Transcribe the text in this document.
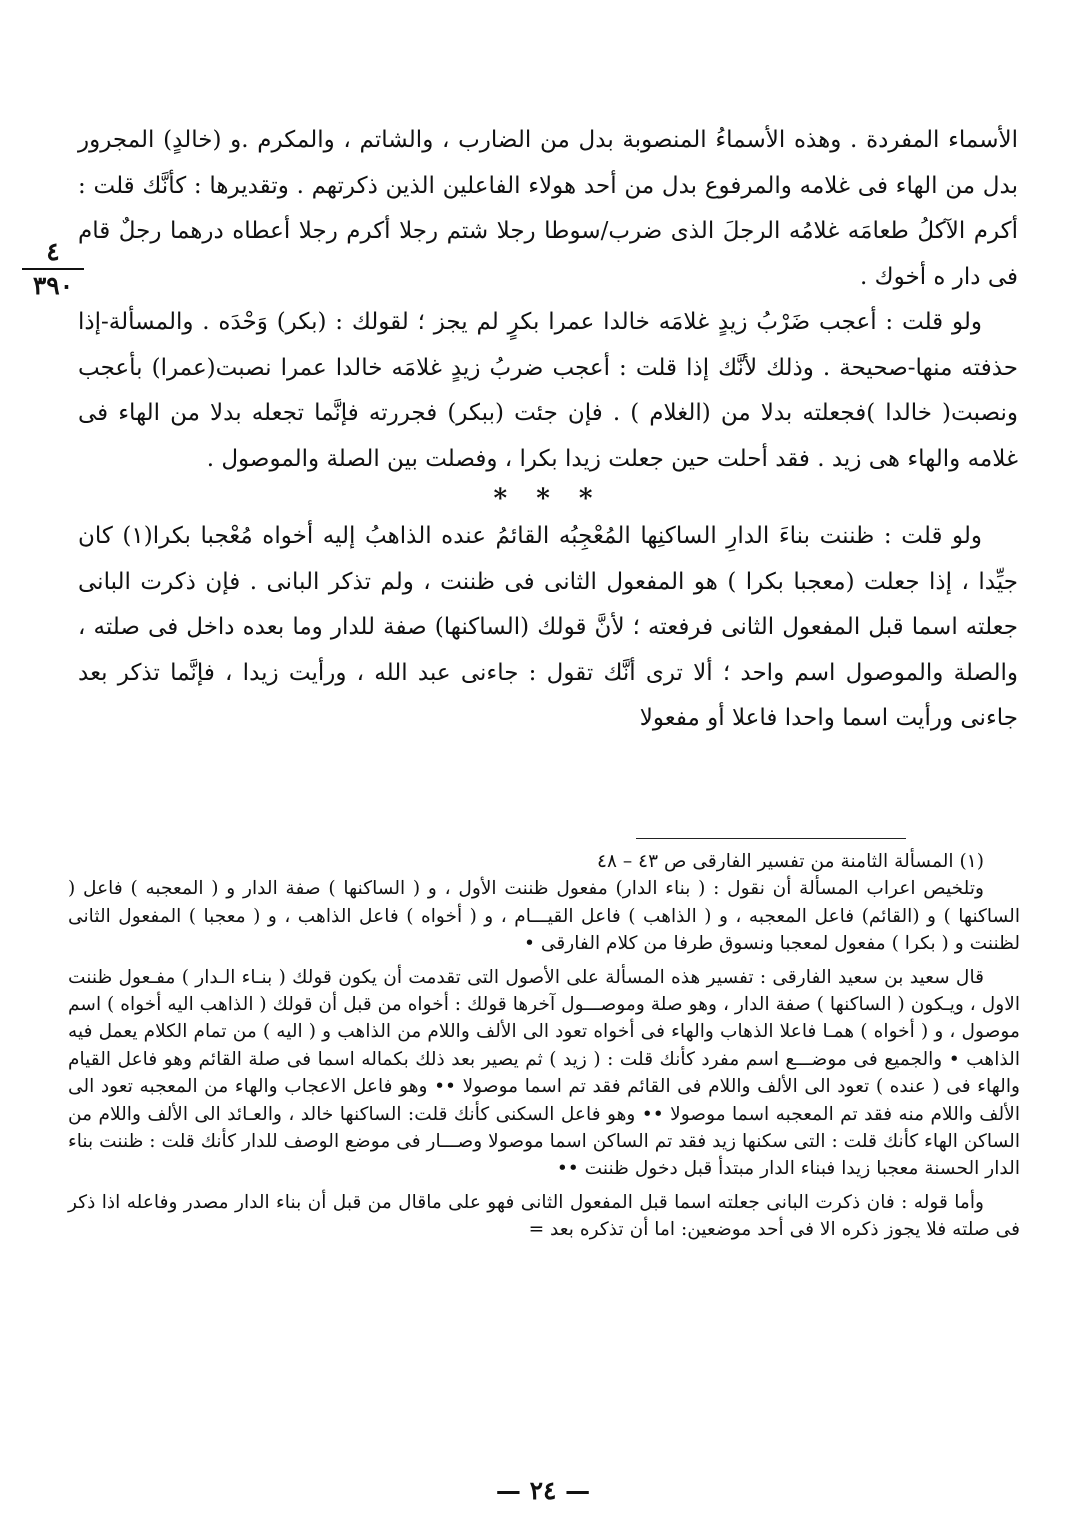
٤
٣٩٠

الأسماء المفردة . وهذه الأسماءُ المنصوبة بدل من الضارب ، والشاتم ، والمكرم .و (خالدٍ) المجرور بدل من الهاء فى غلامه والمرفوع بدل من أحد هولاء الفاعلين الذين ذكرتهم . وتقديرها : كأنَّك قلت : أكرم الآكلُ طعامَه غلامُه الرجلَ الذى ضرب/سوطا رجلا شتم رجلا أكرم رجلا أعطاه درهما رجلٌ قام فى دار ه أخوك .

ولو قلت : أعجب ضَرْبُ زيدٍ غلامَه خالدا عمرا بكرٍ لم يجز ؛ لقولك : (بكر) وَحْدَه . والمسألة-إذا حذفته منها-صحيحة . وذلك لأنَّك إذا قلت : أعجب ضربُ زيدٍ غلامَه خالدا عمرا نصبت(عمرا) بأعجب ونصبت( خالدا )فجعلته بدلا من (الغلام ) . فإن جئت (ببكر) فجررته فإنَّما تجعله بدلا من الهاء فى غلامه والهاء هى زيد . فقد أحلت حين جعلت زيدا بكرا ، وفصلت بين الصلة والموصول .

* * *

ولو قلت : ظننت بناءَ الدارِ الساكنِها المُعْجِبُه القائمُ عنده الذاهبُ إليه أخواه مُعْجبا بكرا(١) كان جيِّدا ، إذا جعلت (معجبا بكرا ) هو المفعول الثانى فى ظننت ، ولم تذكر البانى . فإن ذكرت البانى جعلته اسما قبل المفعول الثانى فرفعته ؛ لأنَّ قولك (الساكنها) صفة للدار وما بعده داخل فى صلته ، والصلة والموصول اسم واحد ؛ ألا ترى أنَّك تقول : جاءنى عبد الله ، ورأيت زيدا ، فإنَّما تذكر بعد جاءنى ورأيت اسما واحدا فاعلا أو مفعولا

(١) المسألة الثامنة من تفسير الفارقى ص ٤٣ – ٤٨

وتلخيص اعراب المسألة أن نقول : ( بناء الدار) مفعول ظننت الأول ، و ( الساكنها ) صفة الدار و ( المعجبه ) فاعل ( الساكنها ) و (القائم) فاعل المعجبه ، و ( الذاهب ) فاعل القيـــام ، و ( أخواه ) فاعل الذاهب ، و ( معجبا ) المفعول الثانى لظننت و ( بكرا ) مفعول لمعجبا ونسوق طرفا من كلام الفارقى •

قال سعيد بن سعيد الفارقى : تفسير هذه المسألة على الأصول التى تقدمت أن يكون قولك ( بنـاء الـدار ) مفـعول ظننت الاول ، ويـكون ( الساكنها ) صفة الدار ، وهو صلة وموصـــول آخرها قولك : أخواه من قبل أن قولك ( الذاهب اليه أخواه ) اسم موصول ، و ( أخواه ) همـا فاعلا الذهاب والهاء فى أخواه تعود الى الألف واللام من الذاهب و ( اليه ) من تمام الكلام يعمل فيه الذاهب • والجميع فى موضـــع اسم مفرد كأنك قلت : ( زيد ) ثم يصير بعد ذلك بكماله اسما فى صلة القائم وهو فاعل القيام والهاء فى ( عنده ) تعود الى الألف واللام فى القائم فقد تم اسما موصولا •• وهو فاعل الاعجاب والهاء من المعجبه تعود الى الألف واللام منه فقد تم المعجبه اسما موصولا •• وهو فاعل السكنى كأنك قلت: الساكنها خالد ، والعـائد الى الألف واللام من الساكن الهاء كأنك قلت : التى سكنها زيد فقد تم الساكن اسما موصولا وصـــار فى موضع الوصف للدار كأنك قلت : ظننت بناء الدار الحسنة معجبا زيدا فبناء الدار مبتدأ قبل دخول ظننت ••

وأما قوله : فان ذكرت البانى جعلته اسما قبل المفعول الثانى فهو على ماقال من قبل أن بناء الدار مصدر وفاعله اذا ذكر فى صلته فلا يجوز ذكره الا فى أحد موضعين: اما أن تذكره بعد =

— ٢٤ —
